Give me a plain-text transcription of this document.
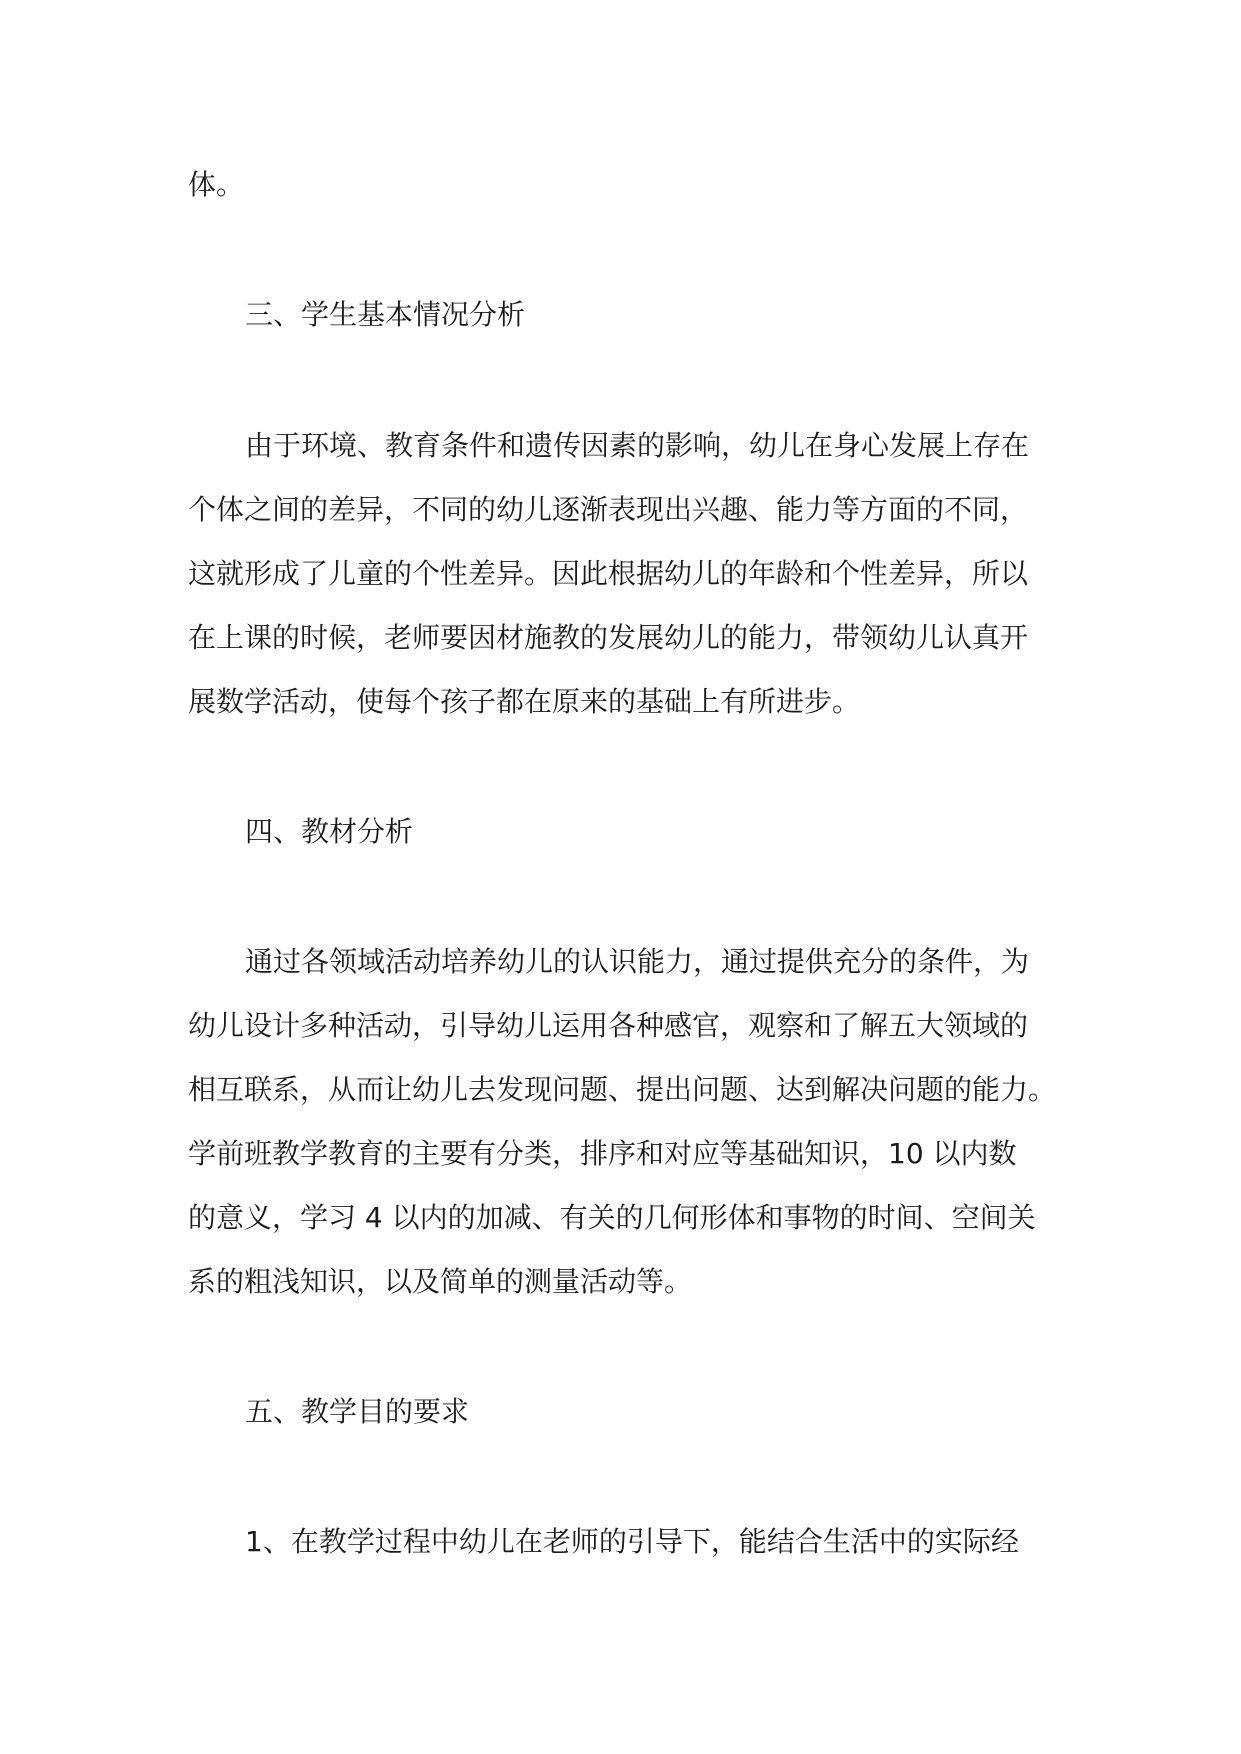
体。
三、学生基本情况分析
由于环境、教育条件和遗传因素的影响，幼儿在身心发展上存在
个体之间的差异，不同的幼儿逐渐表现出兴趣、能力等方面的不同，
这就形成了儿童的个性差异。因此根据幼儿的年龄和个性差异，所以
在上课的时候，老师要因材施教的发展幼儿的能力，带领幼儿认真开
展数学活动，使每个孩子都在原来的基础上有所进步。
四、教材分析
通过各领域活动培养幼儿的认识能力，通过提供充分的条件，为
幼儿设计多种活动，引导幼儿运用各种感官，观察和了解五大领域的
相互联系，从而让幼儿去发现问题、提出问题、达到解决问题的能力。
学前班教学教育的主要有分类，排序和对应等基础知识，10 以内数
的意义，学习 4 以内的加减、有关的几何形体和事物的时间、空间关
系的粗浅知识，以及简单的测量活动等。
五、教学目的要求
1、在教学过程中幼儿在老师的引导下，能结合生活中的实际经
